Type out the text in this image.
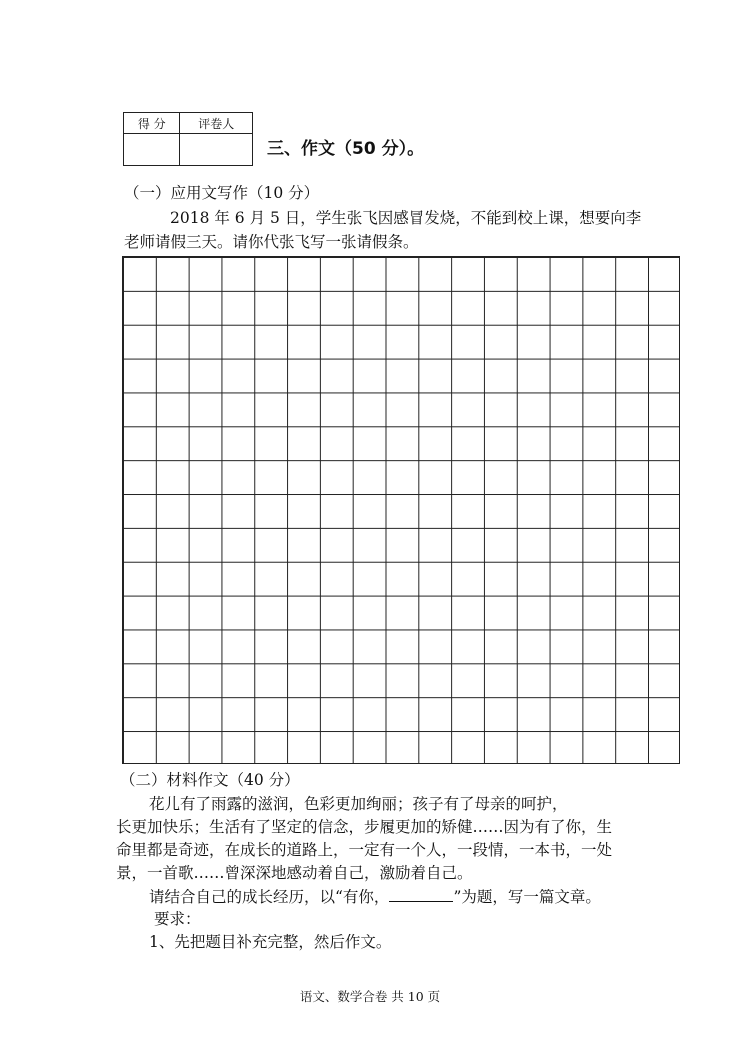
得 分	评卷人

三、作文（50 分）。
（一）应用文写作（10 分）
2018 年 6 月 5 日，学生张飞因感冒发烧，不能到校上课，想要向李
老师请假三天。请你代张飞写一张请假条。
（二）材料作文（40 分）
花儿有了雨露的滋润，色彩更加绚丽；孩子有了母亲的呵护，
长更加快乐；生活有了坚定的信念，步履更加的矫健……因为有了你，生
命里都是奇迹，在成长的道路上，一定有一个人，一段情，一本书，一处
景，一首歌……曾深深地感动着自己，激励着自己。
请结合自己的成长经历，以“有你，	”为题，写一篇文章。
要求：
1、先把题目补充完整，然后作文。
语文、数学合卷 共 10 页
